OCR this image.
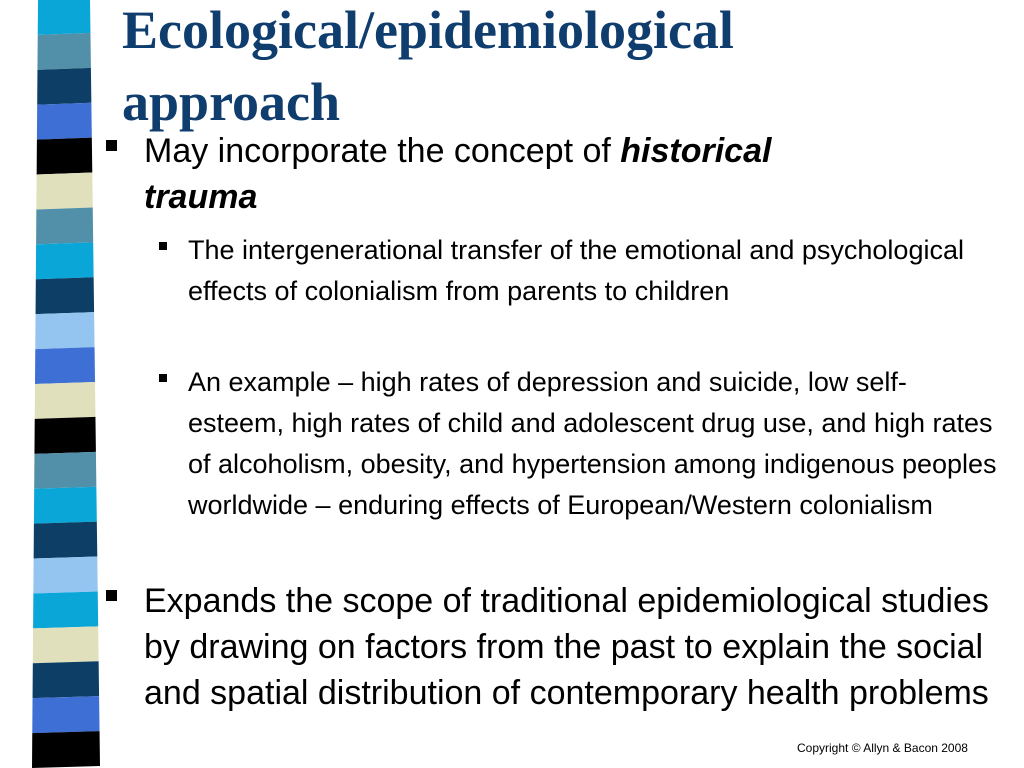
Ecological/epidemiological
approach
May incorporate the concept of historical
trauma
The intergenerational transfer of the emotional and psychological effects of colonialism from parents to children
An example – high rates of depression and suicide, low self-esteem, high rates of child and adolescent drug use, and high rates of alcoholism, obesity, and hypertension among indigenous peoples worldwide – enduring effects of European/Western colonialism
Expands the scope of traditional epidemiological studies by drawing on factors from the past to explain the social and spatial distribution of contemporary health problems
Copyright © Allyn & Bacon 2008
